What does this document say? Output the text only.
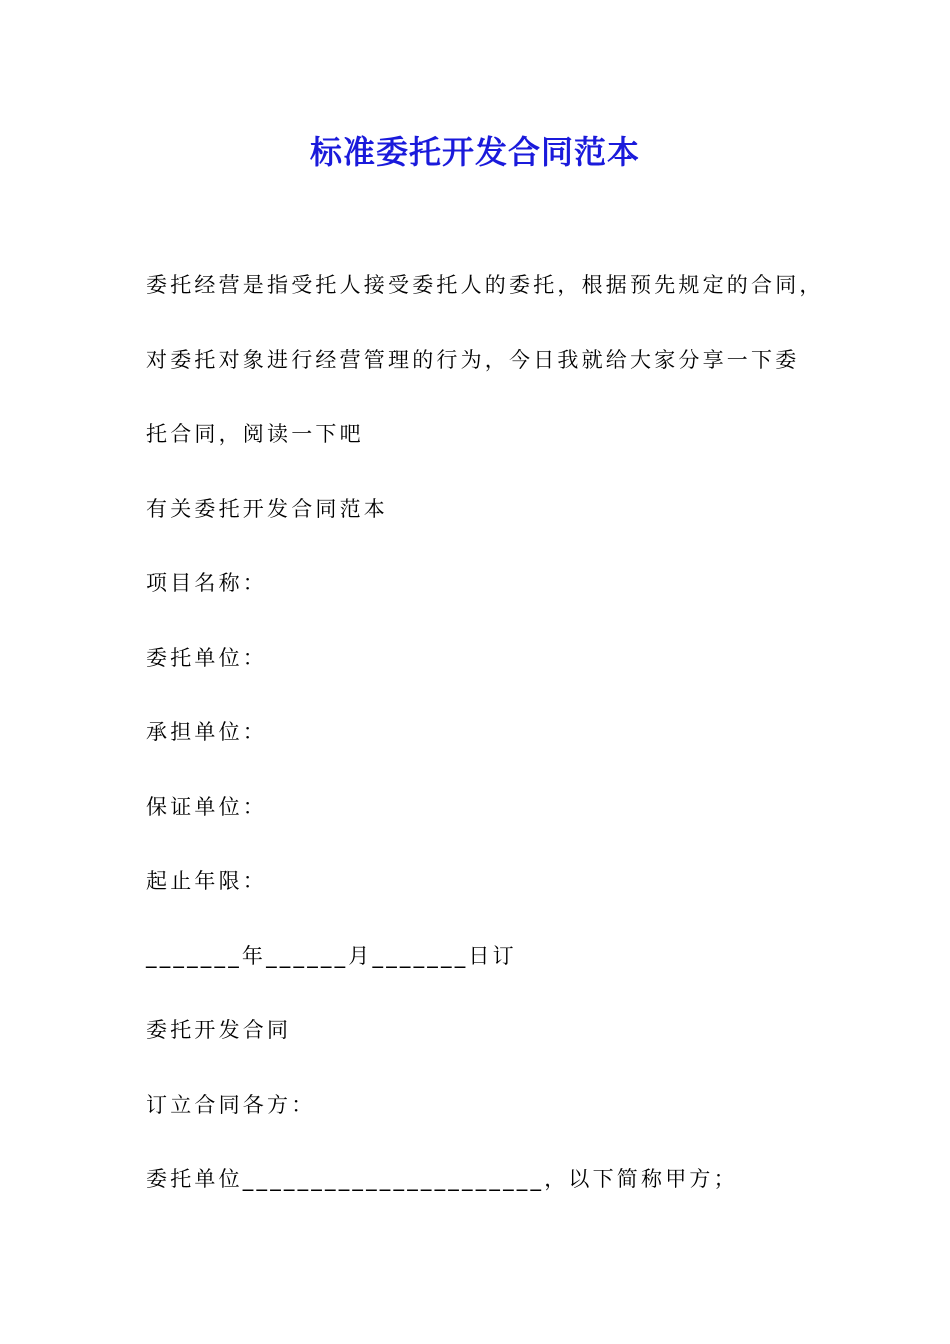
标准委托开发合同范本
委托经营是指受托人接受委托人的委托，根据预先规定的合同，
对委托对象进行经营管理的行为，今日我就给大家分享一下委
托合同，阅读一下吧
有关委托开发合同范本
项目名称：
委托单位：
承担单位：
保证单位：
起止年限：
_______年______月_______日订
委托开发合同
订立合同各方：
委托单位______________________，以下简称甲方；
